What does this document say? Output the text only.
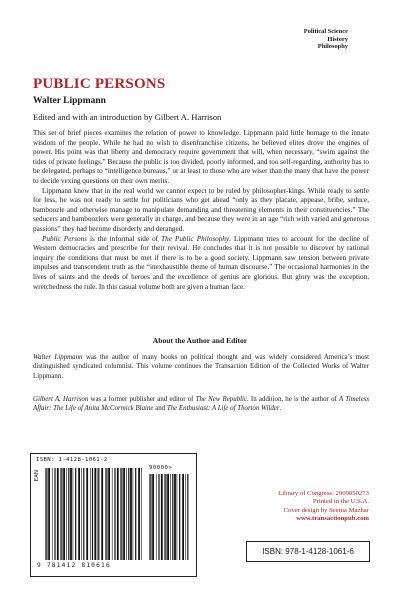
Political Science
History
Philosophy
PUBLIC PERSONS
Walter Lippmann
Edited and with an introduction by Gilbert A. Harrison

This set of brief pieces examines the relation of power to knowledge. Lippmann paid little homage to the innate wisdom of the people. While he had no wish to disenfranchise citizens, he believed elites drove the engines of power. His point was that liberty and democracy require government that will, when necessary, “swim against the tides of private feelings.” Because the public is too divided, poorly informed, and too self-regarding, authority has to be delegated, perhaps to “intelligence bureaus,” or at least to those who are wiser than the many that have the power to decide vexing questions on their own merits.

Lippmann knew that in the real world we cannot expect to be ruled by philosopher-kings. While ready to settle for less, he was not ready to settle for politicians who get ahead “only as they placate, appease, bribe, seduce, bamboozle and otherwise manage to manipulate demanding and threatening elements in their constituencies.” The seducers and bamboozlers were generally in charge, and because they were in an age “rich with varied and generous passions” they had become disorderly and deranged.

Public Persons is the informal side of The Public Philosophy. Lippmann tries to account for the decline of Western democracies and prescribe for their revival. He concludes that it is not possible to discover by rational inquiry the conditions that must be met if there is to be a good society. Lippmann saw tension between private impulses and transcendent truth as the “inexhaustible theme of human discourse.” The occasional harmonies in the lives of saints and the deeds of heroes and the excellence of genius are glorious. But glory was the exception, wretchedness the rule. In this casual volume both are given a human face.

About the Author and Editor
Walter Lippmann was the author of many books on political thought and was widely considered America’s most distinguished syndicated columnist. This volume continues the Transaction Edition of the Collected Works of Walter Lippmann.
Gilbert A. Harrison was a former publisher and editor of The New Republic. In addition, he is the author of A Timeless Affair: The Life of Anita McCormick Blaine and The Enthusiast: A Life of Thorton Wilder.
ISBN: 1-4128-1061-2
EAN
90000>
9 781412 810616
Library of Congress: 2009050273
Printed in the U.S.A.
Cover design by Seema Mazhar
www.transactionpub.com
ISBN: 978-1-4128-1061-6
